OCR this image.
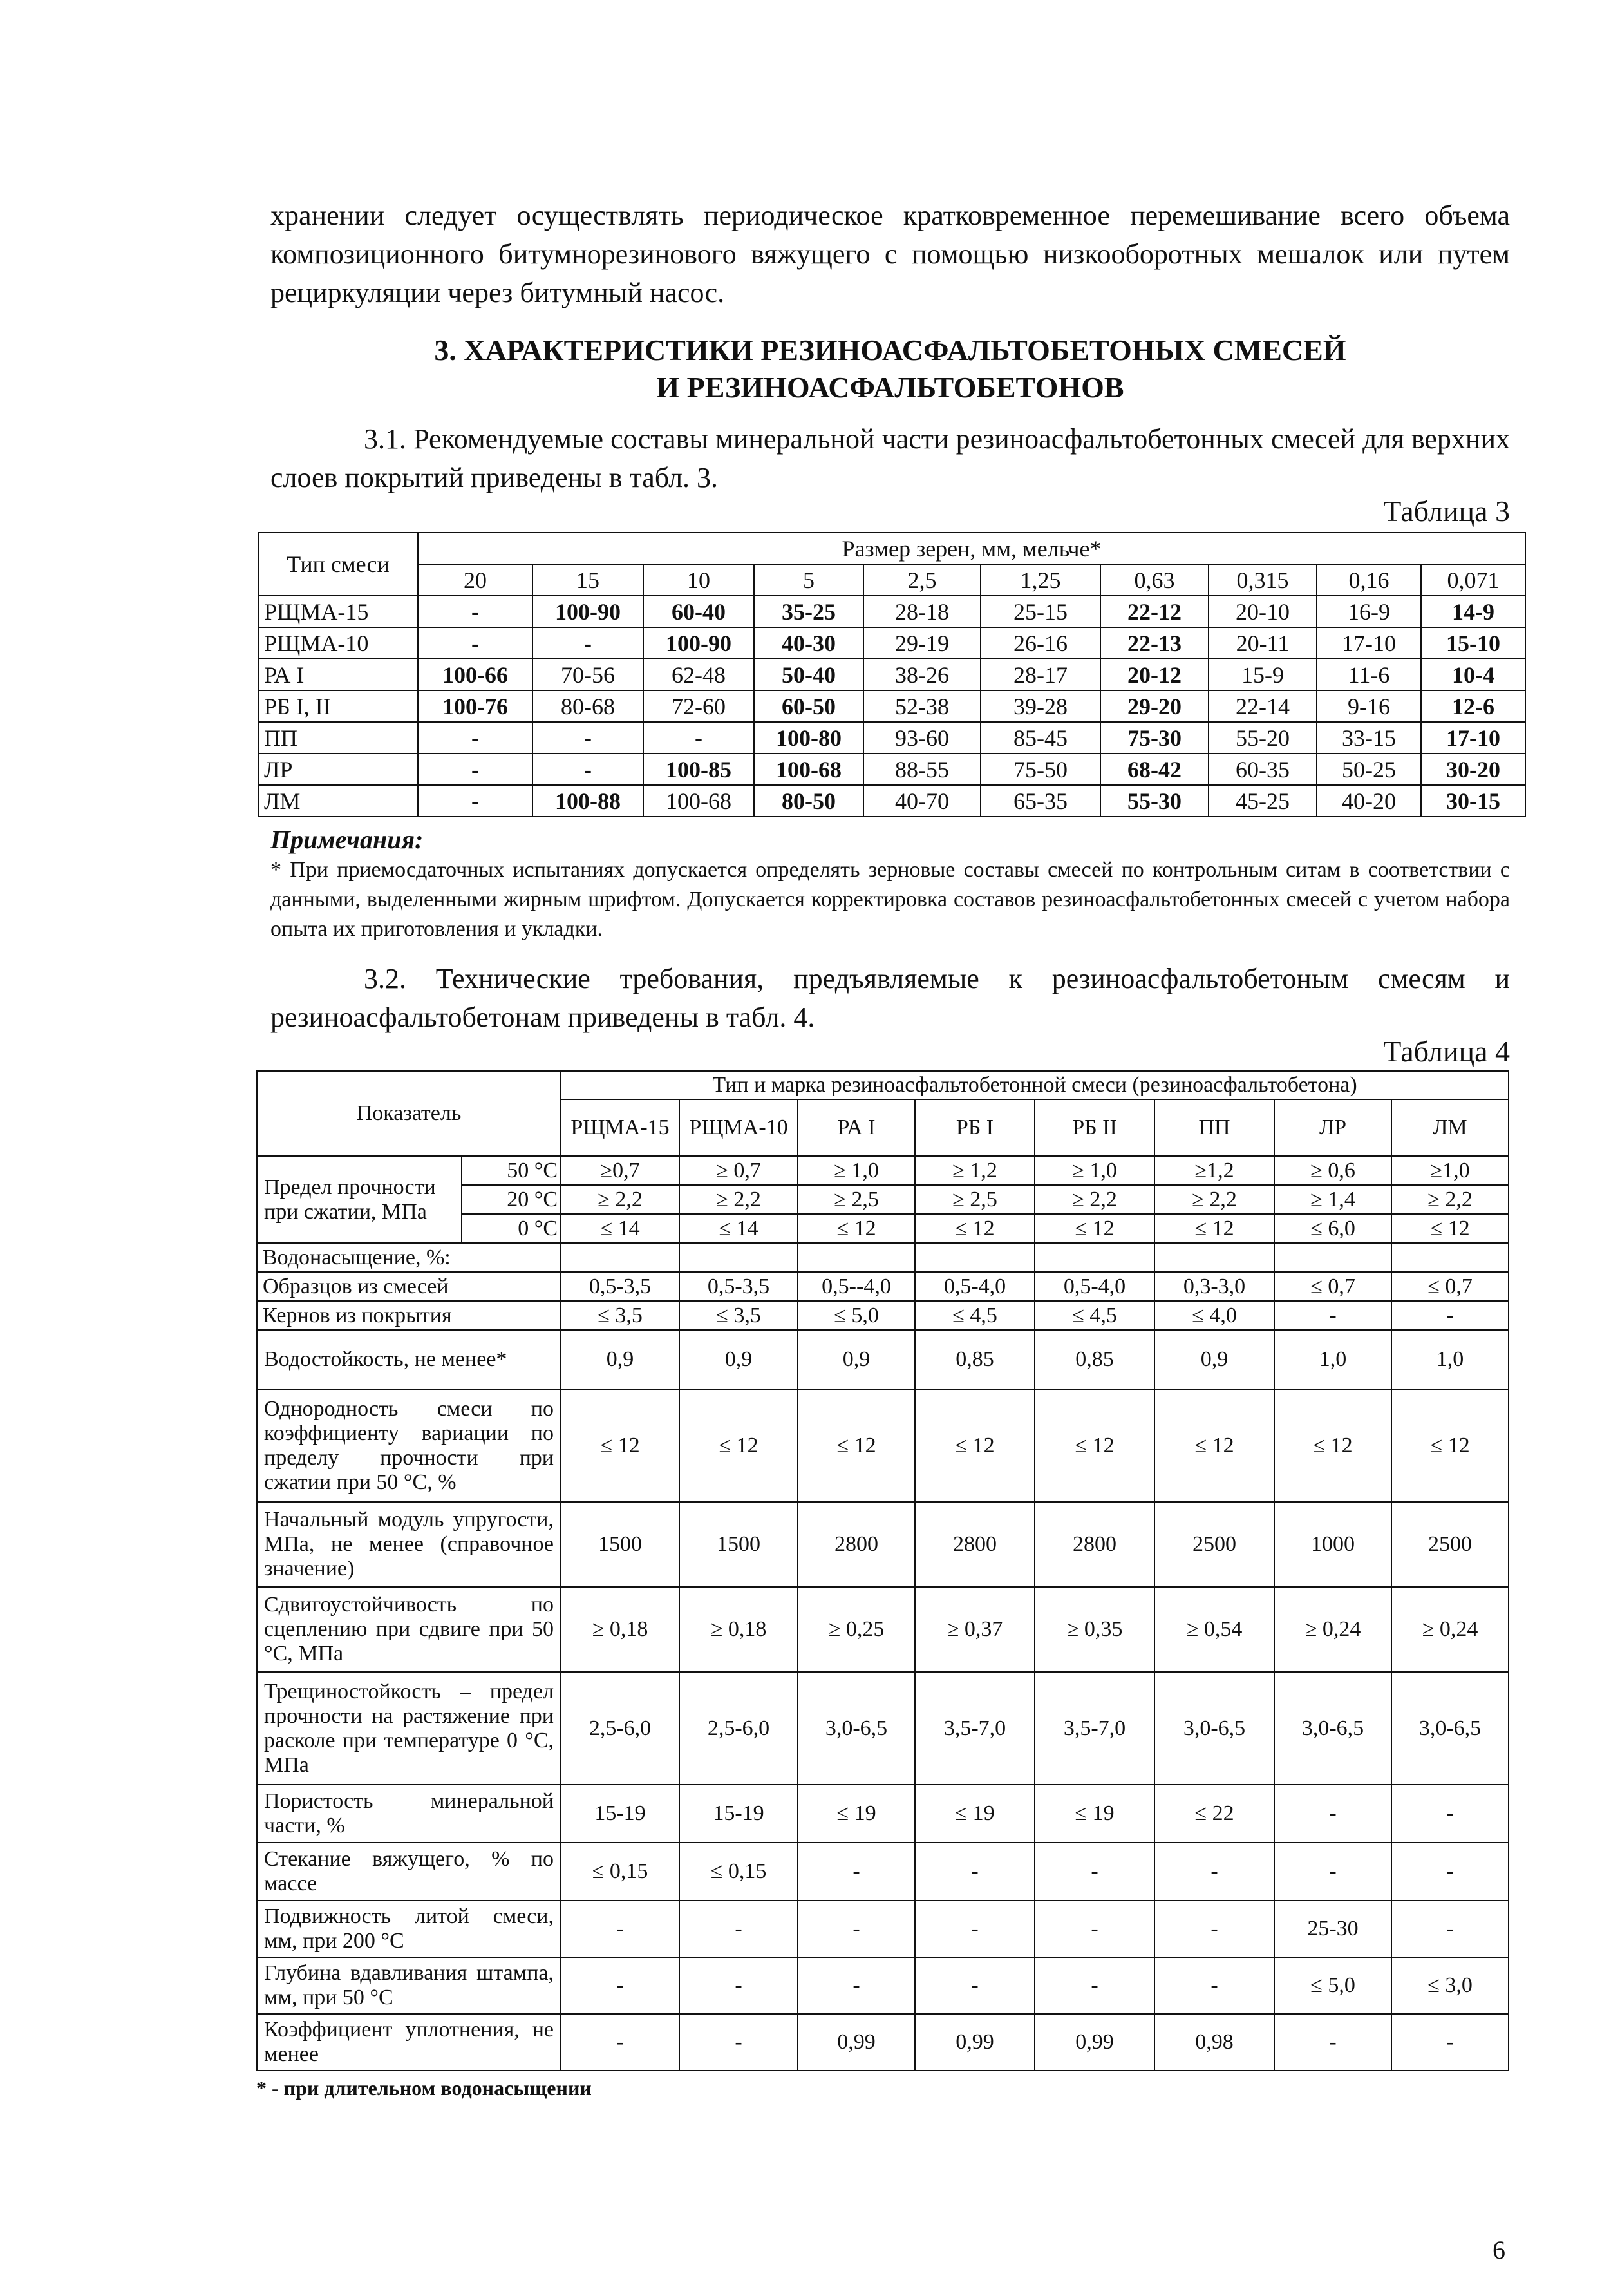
хранении следует осуществлять периодическое кратковременное перемешивание всего объема композиционного битумнорезинового вяжущего с помощью низкооборотных мешалок или путем рециркуляции через битумный насос.

3. ХАРАКТЕРИСТИКИ РЕЗИНОАСФАЛЬТОБЕТОНЫХ СМЕСЕЙ

И РЕЗИНОАСФАЛЬТОБЕТОНОВ

3.1. Рекомендуемые составы минеральной части резиноасфальтобетонных смесей для верхних слоев покрытий приведены в табл. 3.

Таблица 3
Тип смеси	Размер зерен, мм, мельче*									
	20	15	10	5	2,5	1,25	0,63	0,315	0,16	0,071
РЩМА-15	-	100-90	60-40	35-25	28-18	25-15	22-12	20-10	16-9	14-9
РЩМА-10	-	-	100-90	40-30	29-19	26-16	22-13	20-11	17-10	15-10
РА I	100-66	70-56	62-48	50-40	38-26	28-17	20-12	15-9	11-6	10-4
РБ I, II	100-76	80-68	72-60	60-50	52-38	39-28	29-20	22-14	9-16	12-6
ПП	-	-	-	100-80	93-60	85-45	75-30	55-20	33-15	17-10
ЛР	-	-	100-85	100-68	88-55	75-50	68-42	60-35	50-25	30-20
ЛМ	-	100-88	100-68	80-50	40-70	65-35	55-30	45-25	40-20	30-15

Примечания:

* При приемосдаточных испытаниях допускается определять зерновые составы смесей по контрольным ситам в соответствии с данными, выделенными жирным шрифтом. Допускается корректировка составов резиноасфальтобетонных смесей с учетом набора опыта их приготовления и укладки.

3.2. Технические требования, предъявляемые к резиноасфальтобетоным смесям и резиноасфальтобетонам приведены в табл. 4.

Таблица 4
Показатель		Тип и марка резиноасфальтобетонной смеси (резиноасфальтобетона)							
		РЩМА-15	РЩМА-10	РА I	РБ I	РБ II	ПП	ЛР	ЛМ
Предел прочности при сжатии, МПа	50 °С	≥0,7	≥ 0,7	≥ 1,0	≥ 1,2	≥ 1,0	≥1,2	≥ 0,6	≥1,0
	20 °С	≥ 2,2	≥ 2,2	≥ 2,5	≥ 2,5	≥ 2,2	≥ 2,2	≥ 1,4	≥ 2,2
	0 °С	≤ 14	≤ 14	≤ 12	≤ 12	≤ 12	≤ 12	≤ 6,0	≤ 12
Водонасыщение, %:									
Образцов из смесей		0,5-3,5	0,5-3,5	0,5--4,0	0,5-4,0	0,5-4,0	0,3-3,0	≤ 0,7	≤ 0,7
Кернов из покрытия		≤ 3,5	≤ 3,5	≤ 5,0	≤ 4,5	≤ 4,5	≤ 4,0	-	-
Водостойкость, не менее*		0,9	0,9	0,9	0,85	0,85	0,9	1,0	1,0
Однородность смеси по коэффициенту вариации по пределу прочности при сжатии при 50 °С, %		≤ 12	≤ 12	≤ 12	≤ 12	≤ 12	≤ 12	≤ 12	≤ 12
Начальный модуль упругости, МПа, не менее (справочное значение)		1500	1500	2800	2800	2800	2500	1000	2500
Сдвигоустойчивость по сцеплению при сдвиге при 50 °С, МПа		≥ 0,18	≥ 0,18	≥ 0,25	≥ 0,37	≥ 0,35	≥ 0,54	≥ 0,24	≥ 0,24
Трещиностойкость – предел прочности на растяжение при расколе при температуре 0 °С, МПа		2,5-6,0	2,5-6,0	3,0-6,5	3,5-7,0	3,5-7,0	3,0-6,5	3,0-6,5	3,0-6,5
Пористость минеральной части, %		15-19	15-19	≤ 19	≤ 19	≤ 19	≤ 22	-	-
Стекание вяжущего, % по массе		≤ 0,15	≤ 0,15	-	-	-	-	-	-
Подвижность литой смеси, мм, при 200 °С		-	-	-	-	-	-	25-30	-
Глубина вдавливания штампа, мм, при 50 °С		-	-	-	-	-	-	≤ 5,0	≤ 3,0
Коэффициент уплотнения, не менее		-	-	0,99	0,99	0,99	0,98	-	-
* - при длительном водонасыщении
6
